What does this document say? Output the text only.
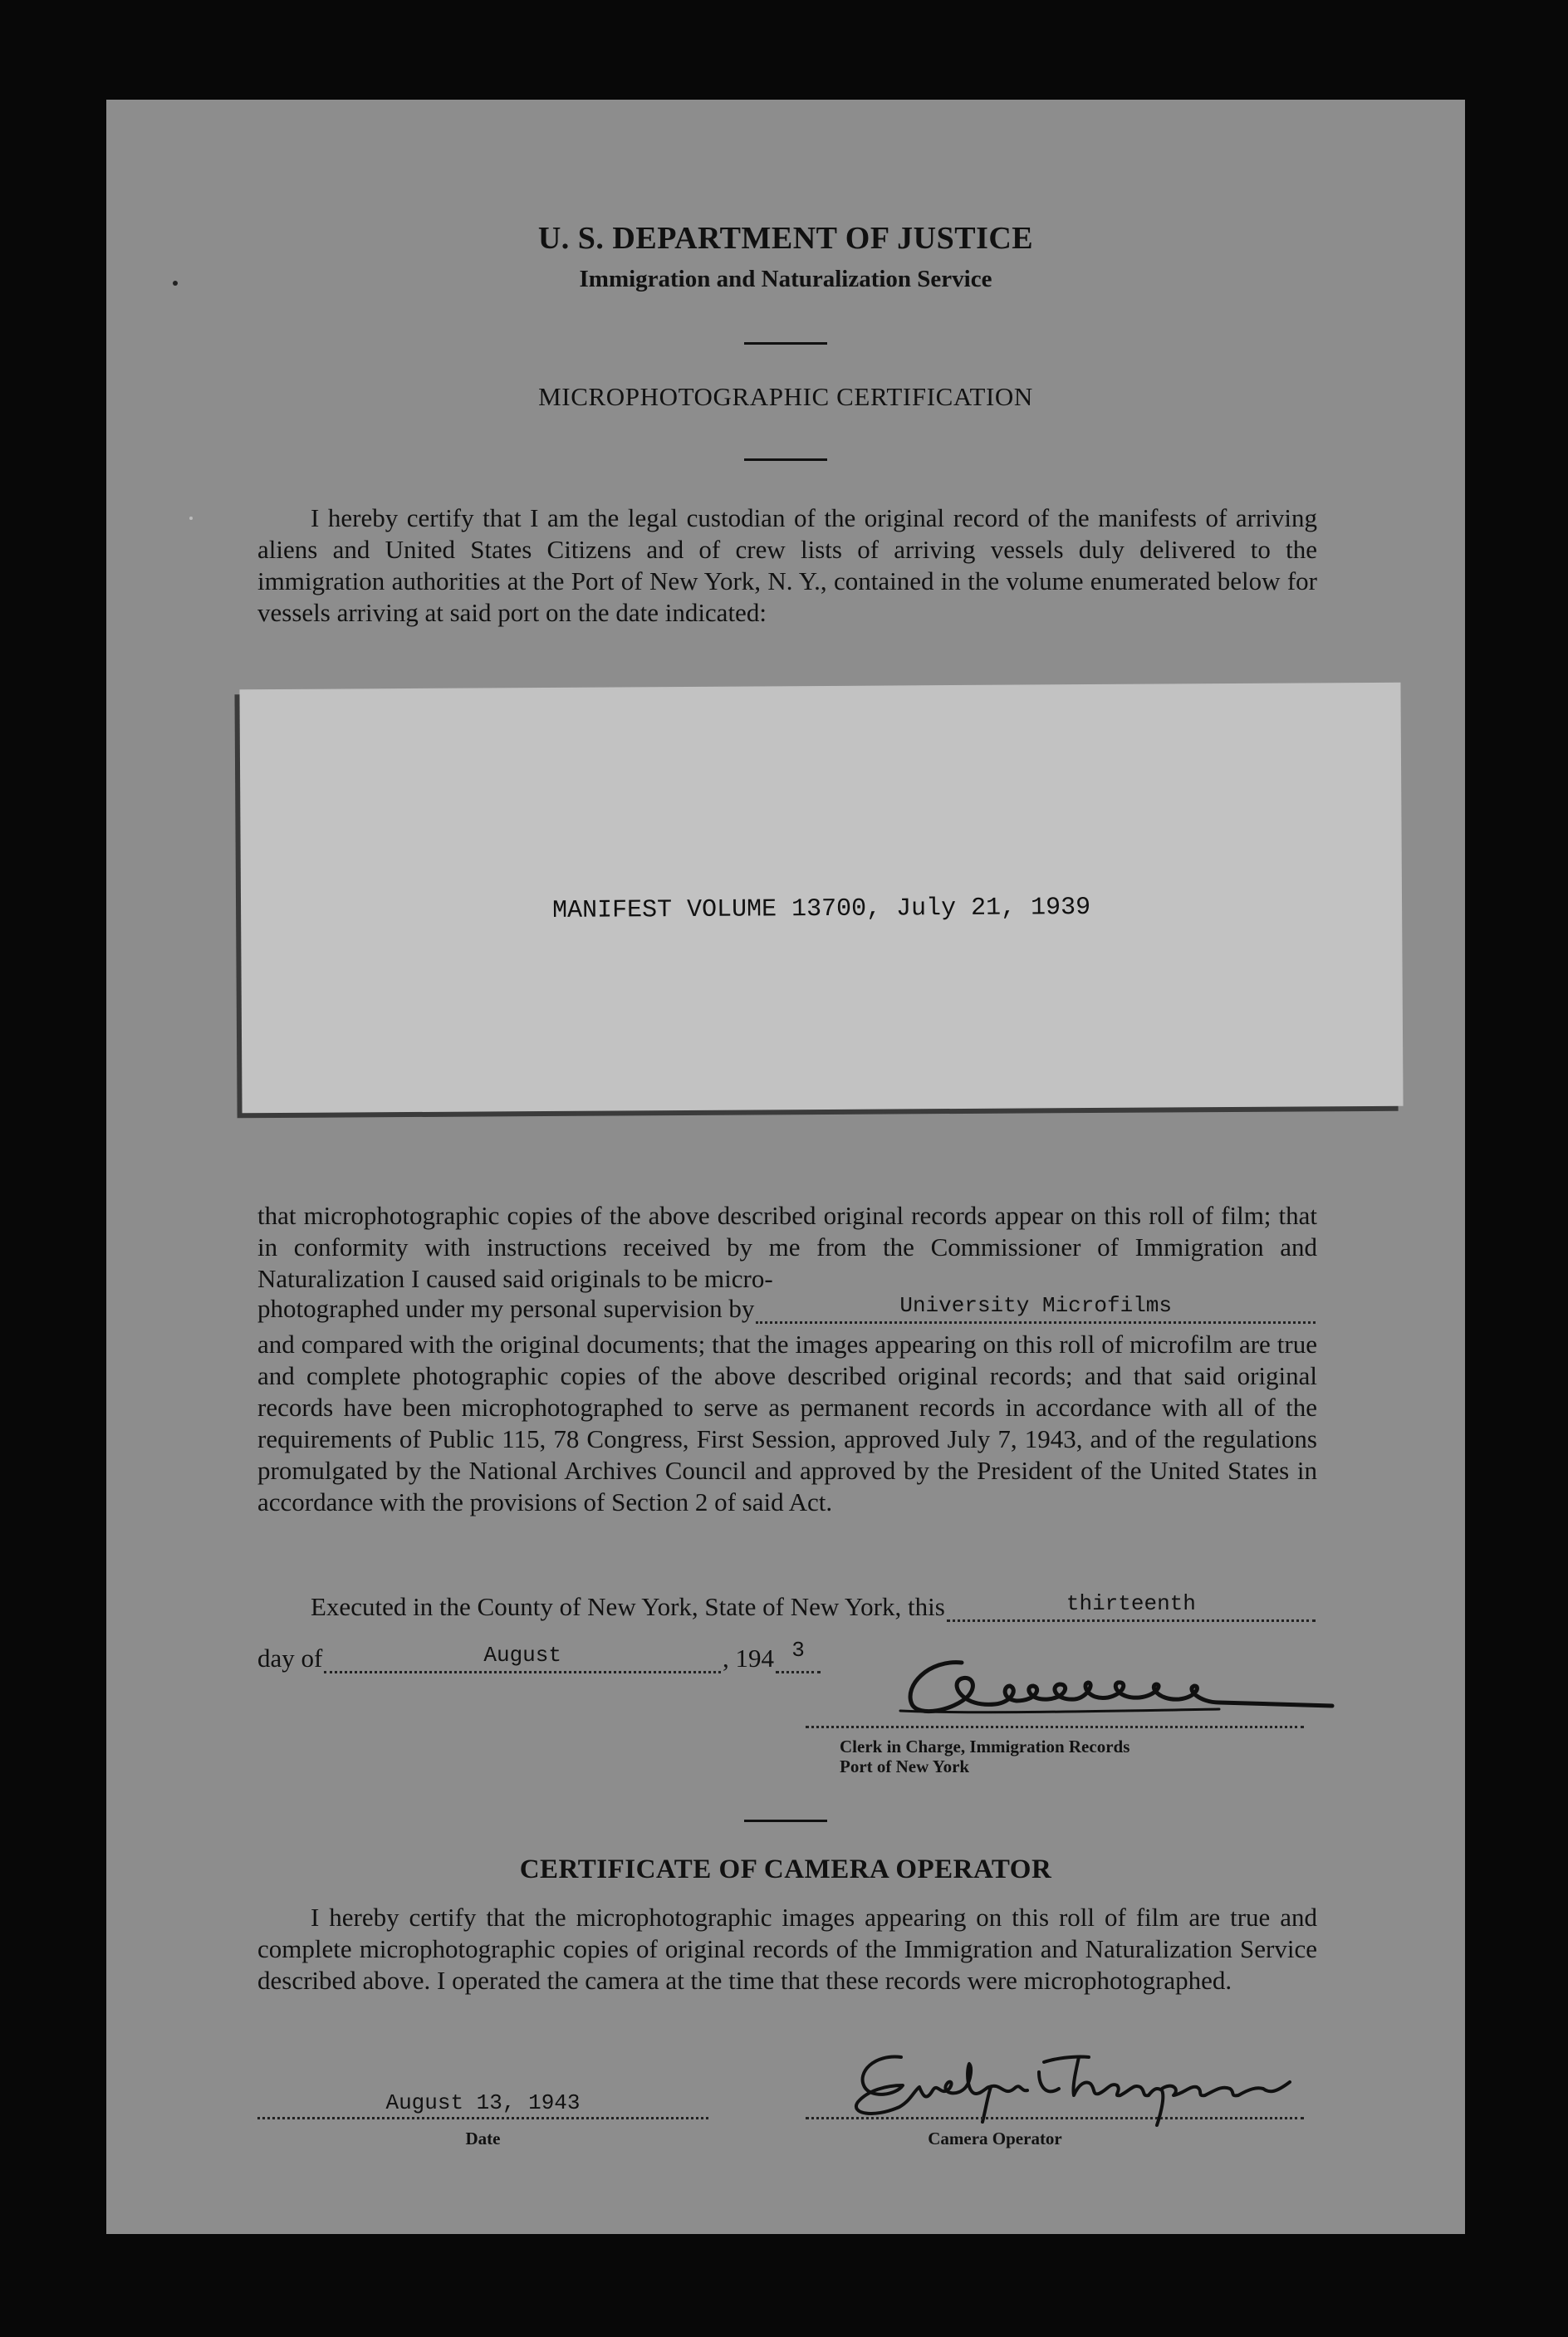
U. S. DEPARTMENT OF JUSTICE
Immigration and Naturalization Service
MICROPHOTOGRAPHIC CERTIFICATION
I hereby certify that I am the legal custodian of the original record of the manifests of arriving aliens and United States Citizens and of crew lists of arriving vessels duly delivered to the immigration authorities at the Port of New York, N. Y., contained in the volume enumerated below for vessels arriving at said port on the date indicated:
MANIFEST VOLUME 13700, July 21, 1939
that microphotographic copies of the above described original records appear on this roll of film; that in conformity with instructions received by me from the Commissioner of Immigration and Naturalization I caused said originals to be micro-
photographed under my personal supervision by	University Microfilms
and compared with the original documents; that the images appearing on this roll of microfilm are true and complete photographic copies of the above described original records; and that said original records have been microphotographed to serve as permanent records in accordance with all of the requirements of Public 115, 78 Congress, First Session, approved July 7, 1943, and of the regulations promulgated by the National Archives Council and approved by the President of the United States in accordance with the provisions of Section 2 of said Act.
Executed in the County of New York, State of New York, this	thirteenth
day of	August	, 194 3
Clerk in Charge, Immigration Records
Port of New York
CERTIFICATE OF CAMERA OPERATOR
I hereby certify that the microphotographic images appearing on this roll of film are true and complete microphotographic copies of original records of the Immigration and Naturalization Service described above. I operated the camera at the time that these records were microphotographed.
August 13, 1943
Date	Camera Operator
